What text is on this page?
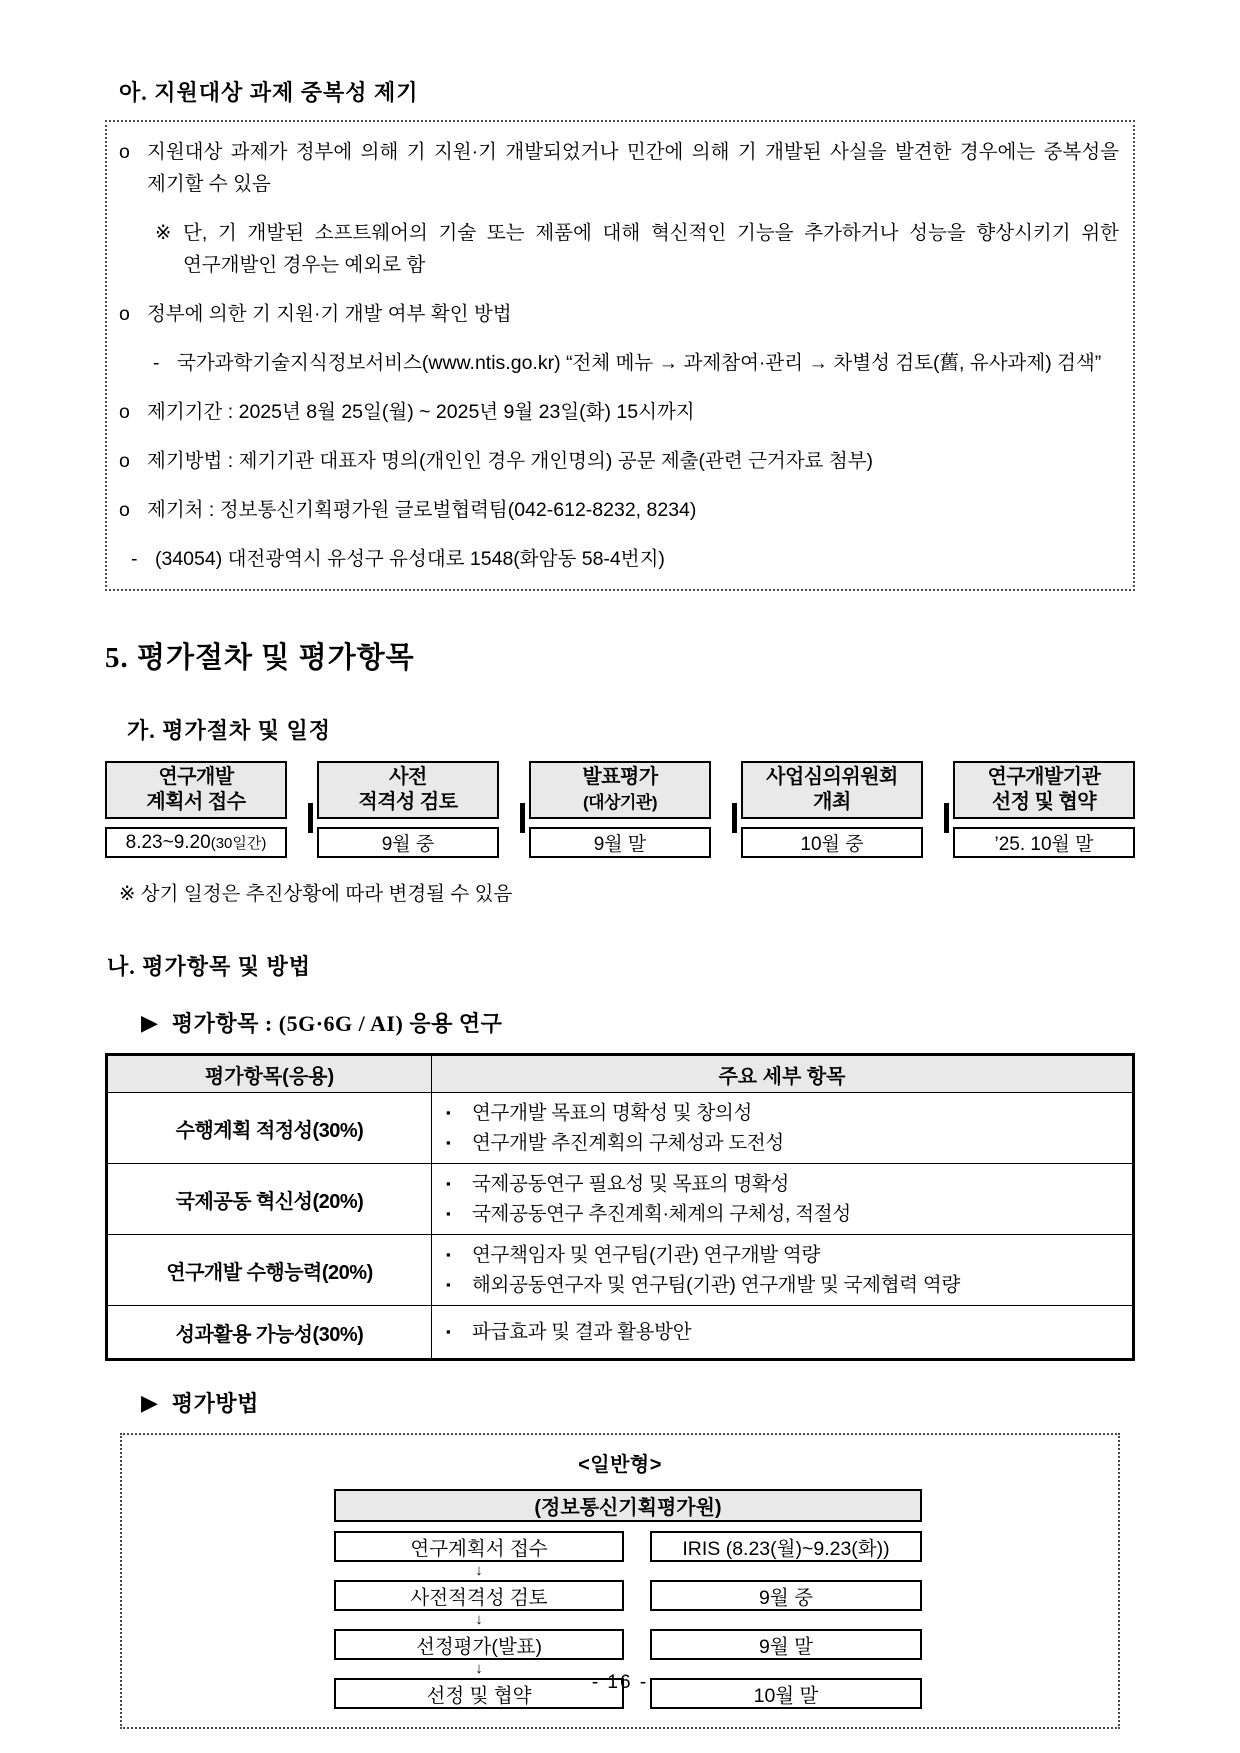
아. 지원대상 과제 중복성 제기
o 지원대상 과제가 정부에 의해 기 지원·기 개발되었거나 민간에 의해 기 개발된 사실을 발견한 경우에는 중복성을 제기할 수 있음
※ 단, 기 개발된 소프트웨어의 기술 또는 제품에 대해 혁신적인 기능을 추가하거나 성능을 향상시키기 위한 연구개발인 경우는 예외로 함
o 정부에 의한 기 지원·기 개발 여부 확인 방법
- 국가과학기술지식정보서비스(www.ntis.go.kr) “전체 메뉴 → 과제참여·관리 → 차별성 검토(舊, 유사과제) 검색”
o 제기기간 : 2025년 8월 25일(월) ~ 2025년 9월 23일(화) 15시까지
o 제기방법 : 제기기관 대표자 명의(개인인 경우 개인명의) 공문 제출(관련 근거자료 첨부)
o 제기처 : 정보통신기획평가원 글로벌협력팀(042-612-8232, 8234)
- (34054) 대전광역시 유성구 유성대로 1548(화암동 58-4번지)
5. 평가절차 및 평가항목
가. 평가절차 및 일정
연구개발
계획서 접수
8.23~9.20 (30일간)
사전
적격성 검토
9월 중
발표평가
(대상기관)
9월 말
사업심의위원회
개최
10월 중
연구개발기관
선정 및 협약
’25. 10월 말
※ 상기 일정은 추진상황에 따라 변경될 수 있음
나. 평가항목 및 방법
▶ 평가항목 : (5G·6G / AI) 응용 연구
평가항목(응용)	주요 세부 항목
수행계획 적정성(30%)	▪ 연구개발 목표의 명확성 및 창의성
▪ 연구개발 추진계획의 구체성과 도전성

국제공동 혁신성(20%)	▪ 국제공동연구 필요성 및 목표의 명확성
▪ 국제공동연구 추진계획·체계의 구체성, 적절성

연구개발 수행능력(20%)	▪ 연구책임자 및 연구팀(기관) 연구개발 역량
▪ 해외공동연구자 및 연구팀(기관) 연구개발 및 국제협력 역량

성과활용 가능성(30%)	▪ 파급효과 및 결과 활용방안
▶ 평가방법
<일반형>
(정보통신기획평가원)
연구계획서 접수	IRIS (8.23(월)~9.23(화))
↓
사전적격성 검토	9월 중
↓
선정평가(발표)	9월 말
↓
선정 및 협약	10월 말
- 16 -
